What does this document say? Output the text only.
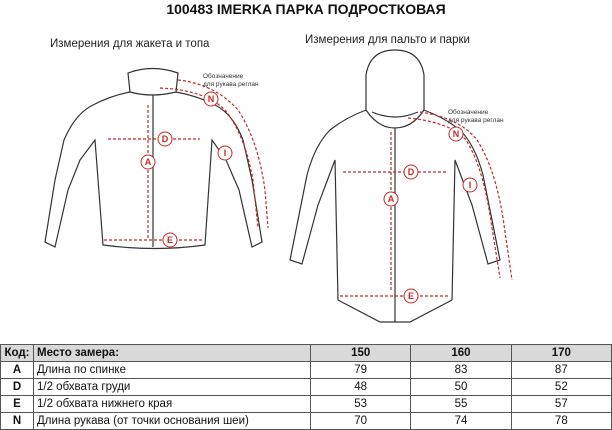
100483 IMERKA ПАРКА ПОДРОСТКОВАЯ
Измерения для жакета и топа	Измерения для пальто и парки
D
A
E
N
I
Обозначение
для рукава реглан
D
A
E
N
I
Обозначение
для рукава реглан
Код:	Место замера:	150	160	170
A	Длина по спинке	79	83	87
D	1/2 обхвата груди	48	50	52
E	1/2 обхвата нижнего края	53	55	57
N	Длина рукава (от точки основания шеи)	70	74	78
